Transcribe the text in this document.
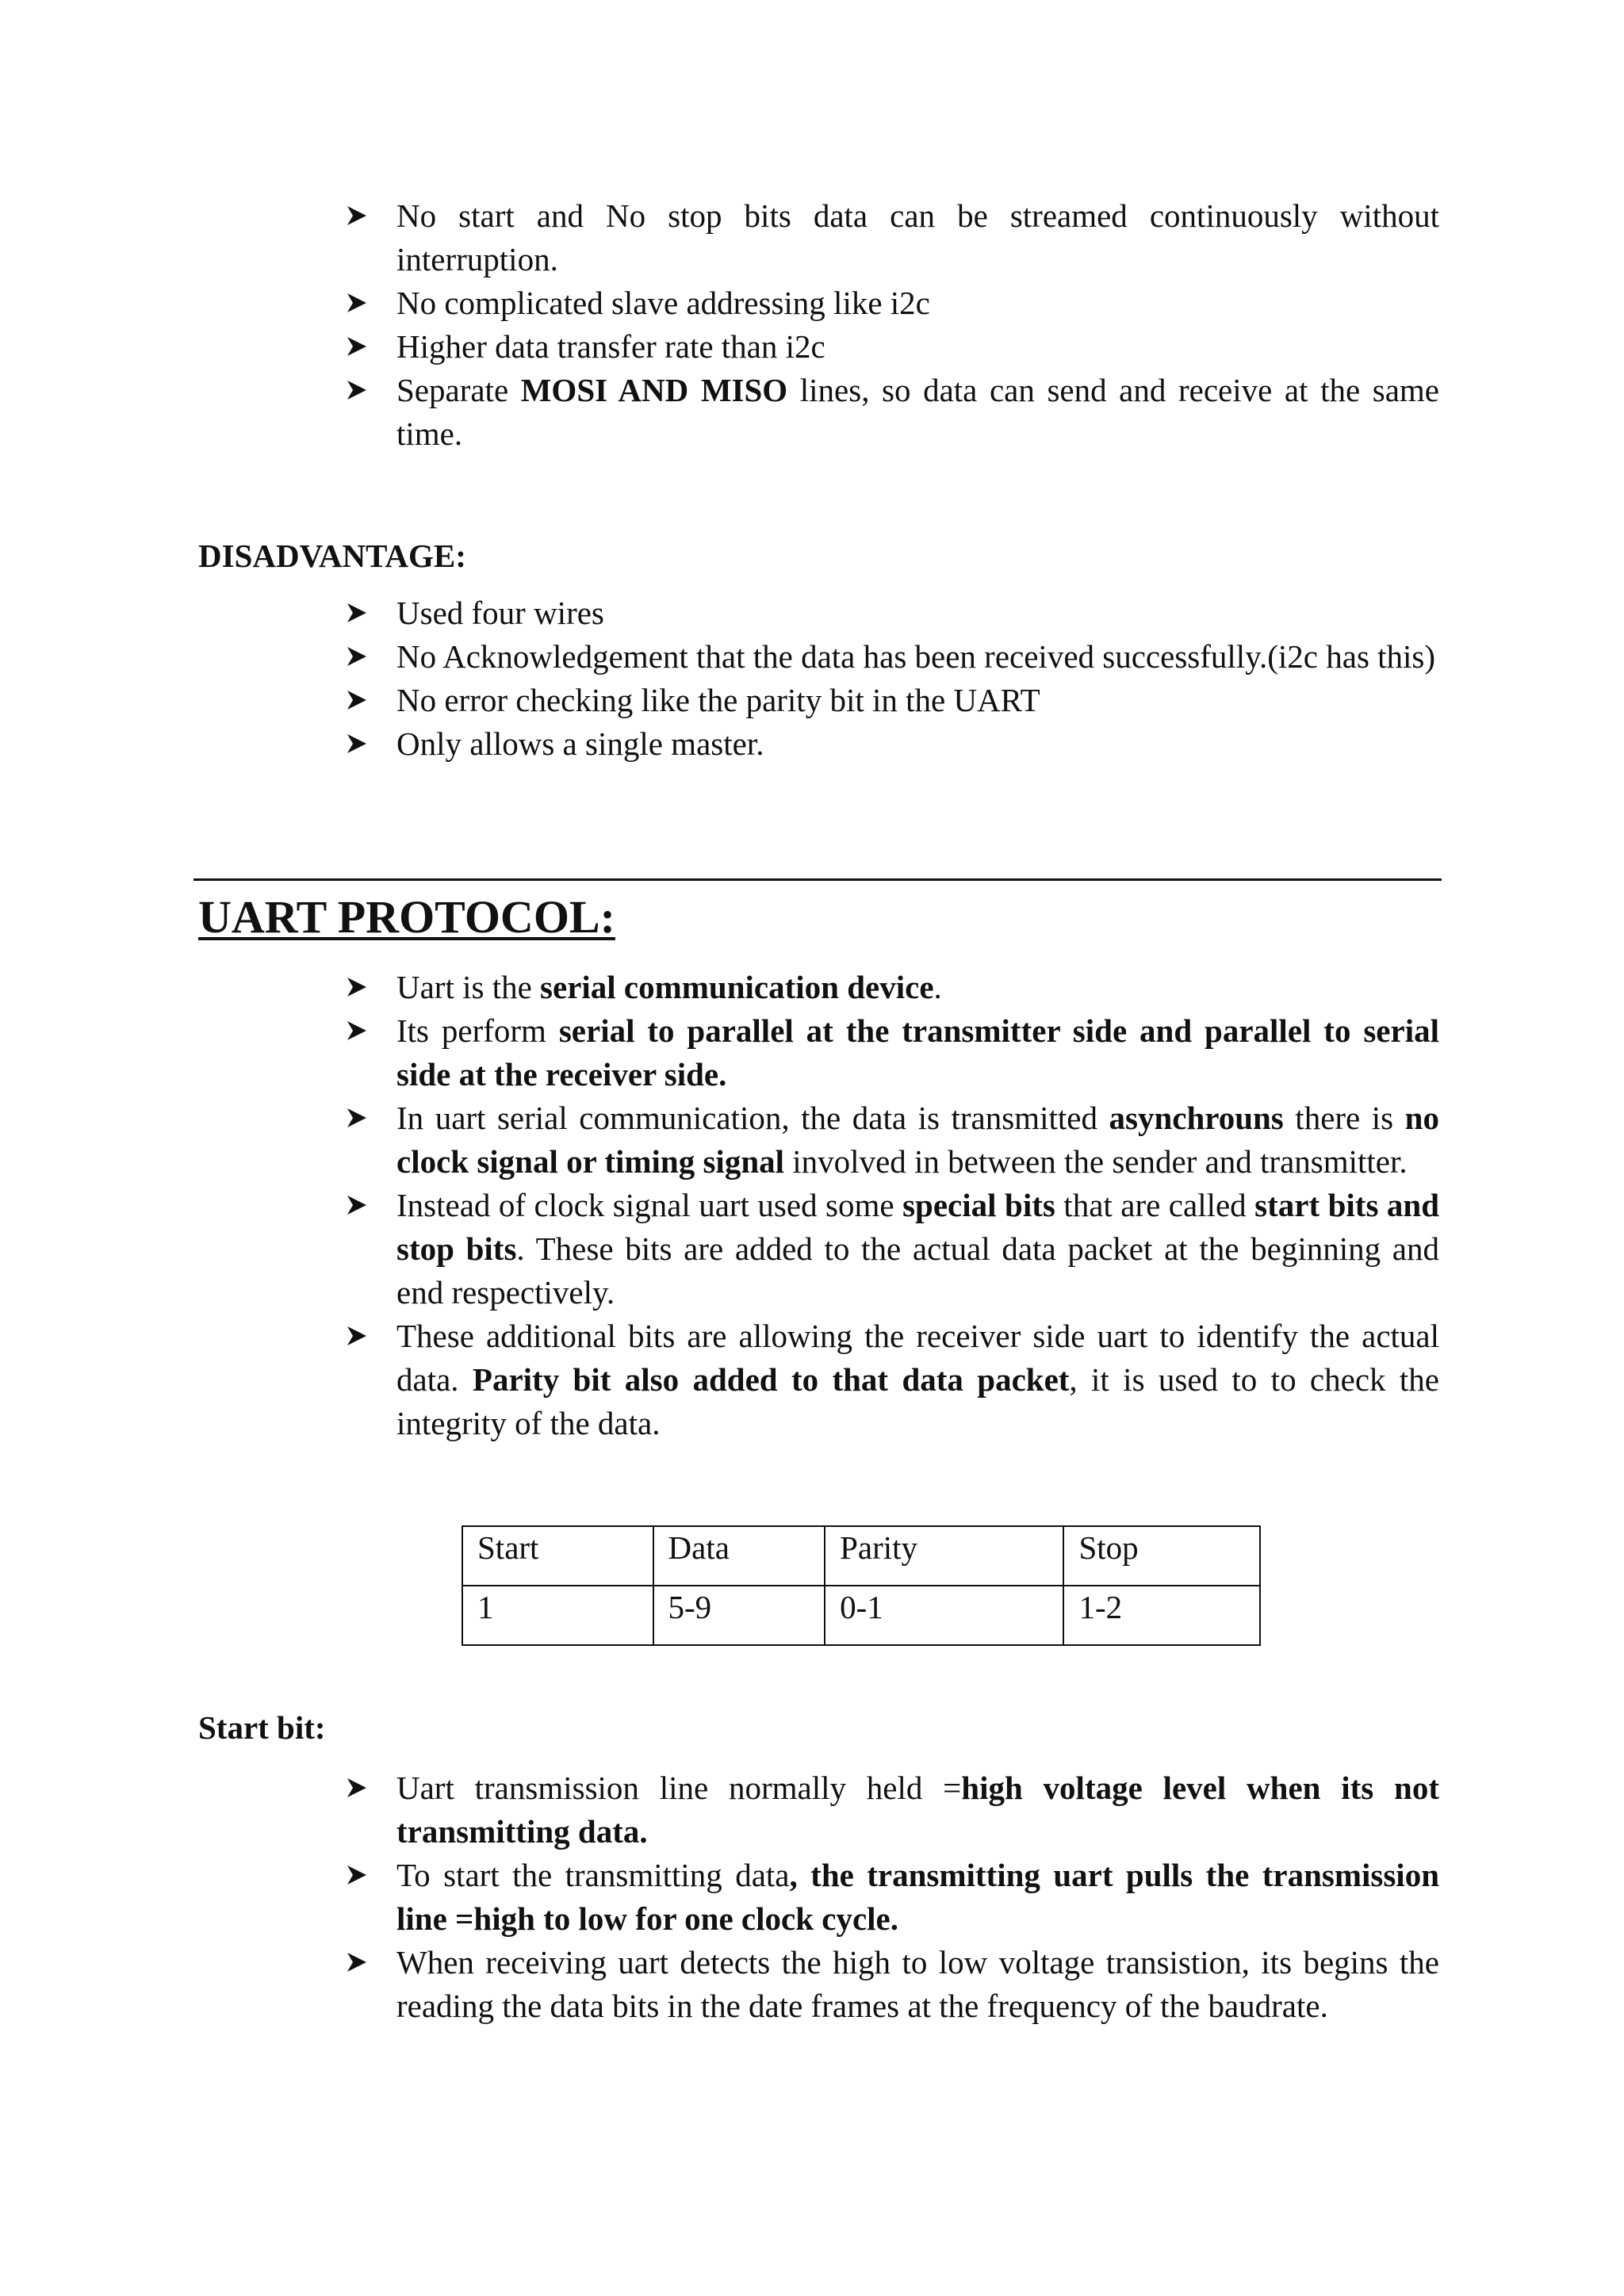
No start and No stop bits data can be streamed continuously without interruption.
No complicated slave addressing like i2c
Higher data transfer rate than i2c
Separate MOSI AND MISO lines, so data can send and receive at the same time.
DISADVANTAGE:
Used four wires
No Acknowledgement that the data has been received successfully.(i2c has this)
No error checking like the parity bit in the UART
Only allows a single master.
UART PROTOCOL:
Uart is the serial communication device.
Its perform serial to parallel at the transmitter side and parallel to serial side at the receiver side.
In uart serial communication, the data is transmitted asynchrouns there is no clock signal or timing signal involved in between the sender and transmitter.
Instead of clock signal uart used some special bits that are called start bits and stop bits. These bits are added to the actual data packet at the beginning and end respectively.
These additional bits are allowing the receiver side uart to identify the actual data. Parity bit also added to that data packet, it is used to to check the integrity of the data.
Start	Data	Parity	Stop
1	5-9	0-1	1-2
Start bit:
Uart transmission line normally held =high voltage level when its not transmitting data.
To start the transmitting data, the transmitting uart pulls the transmission line =high to low for one clock cycle.
When receiving uart detects the high to low voltage transistion, its begins the reading the data bits in the date frames at the frequency of the baudrate.
